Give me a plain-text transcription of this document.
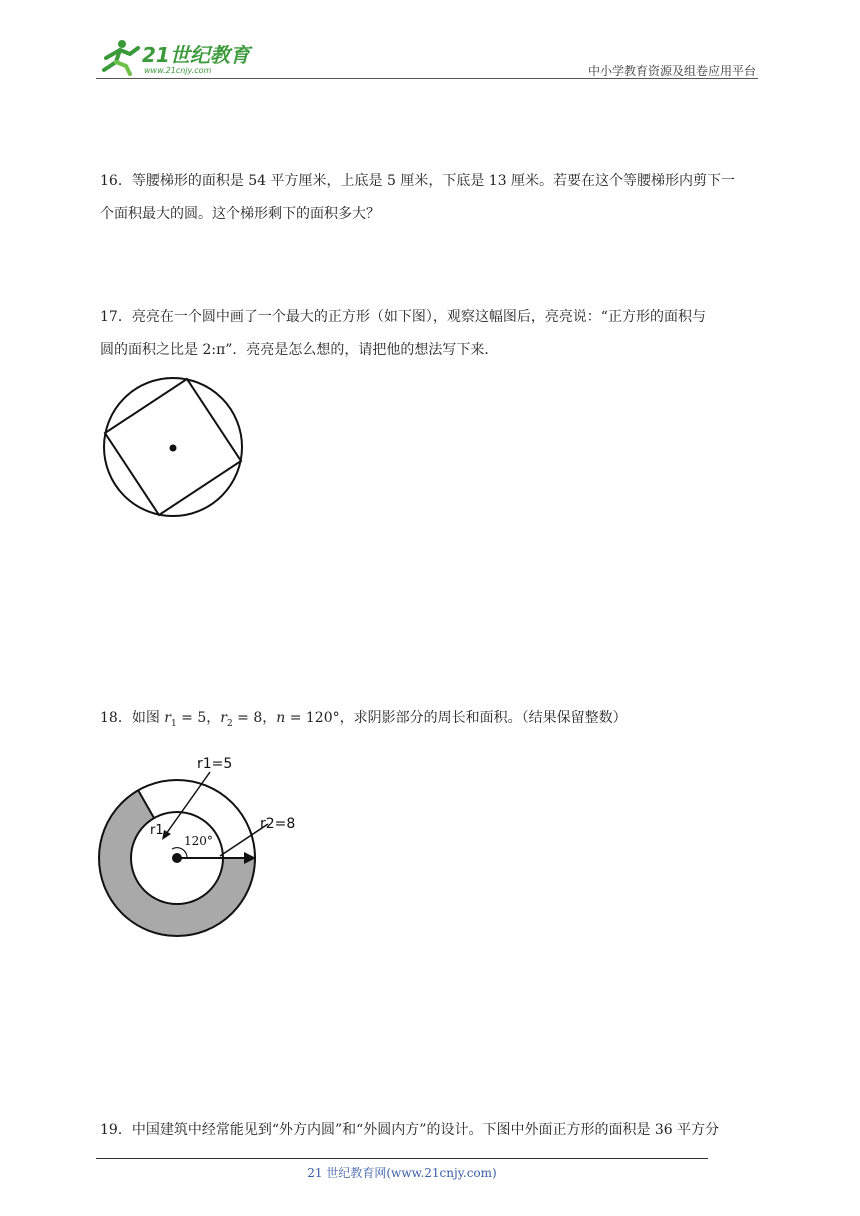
21世纪教育
www.21cnjy.com	中小学教育资源及组卷应用平台

16．等腰梯形的面积是 54 平方厘米，上底是 5 厘米，下底是 13 厘米。若要在这个等腰梯形内剪下一

个面积最大的圆。这个梯形剩下的面积多大？

17．亮亮在一个圆中画了一个最大的正方形（如下图），观察这幅图后，亮亮说：“正方形的面积与

圆的面积之比是 2:π”．亮亮是怎么想的，请把他的想法写下来．

18．如图 $r_1 = 5$，$r_2 = 8$，n = 120°，求阴影部分的周长和面积。（结果保留整数）

r1=5
r2=8
r1
120°

19．中国建筑中经常能见到“外方内圆”和“外圆内方”的设计。下图中外面正方形的面积是 36 平方分

21 世纪教育网(www.21cnjy.com)
